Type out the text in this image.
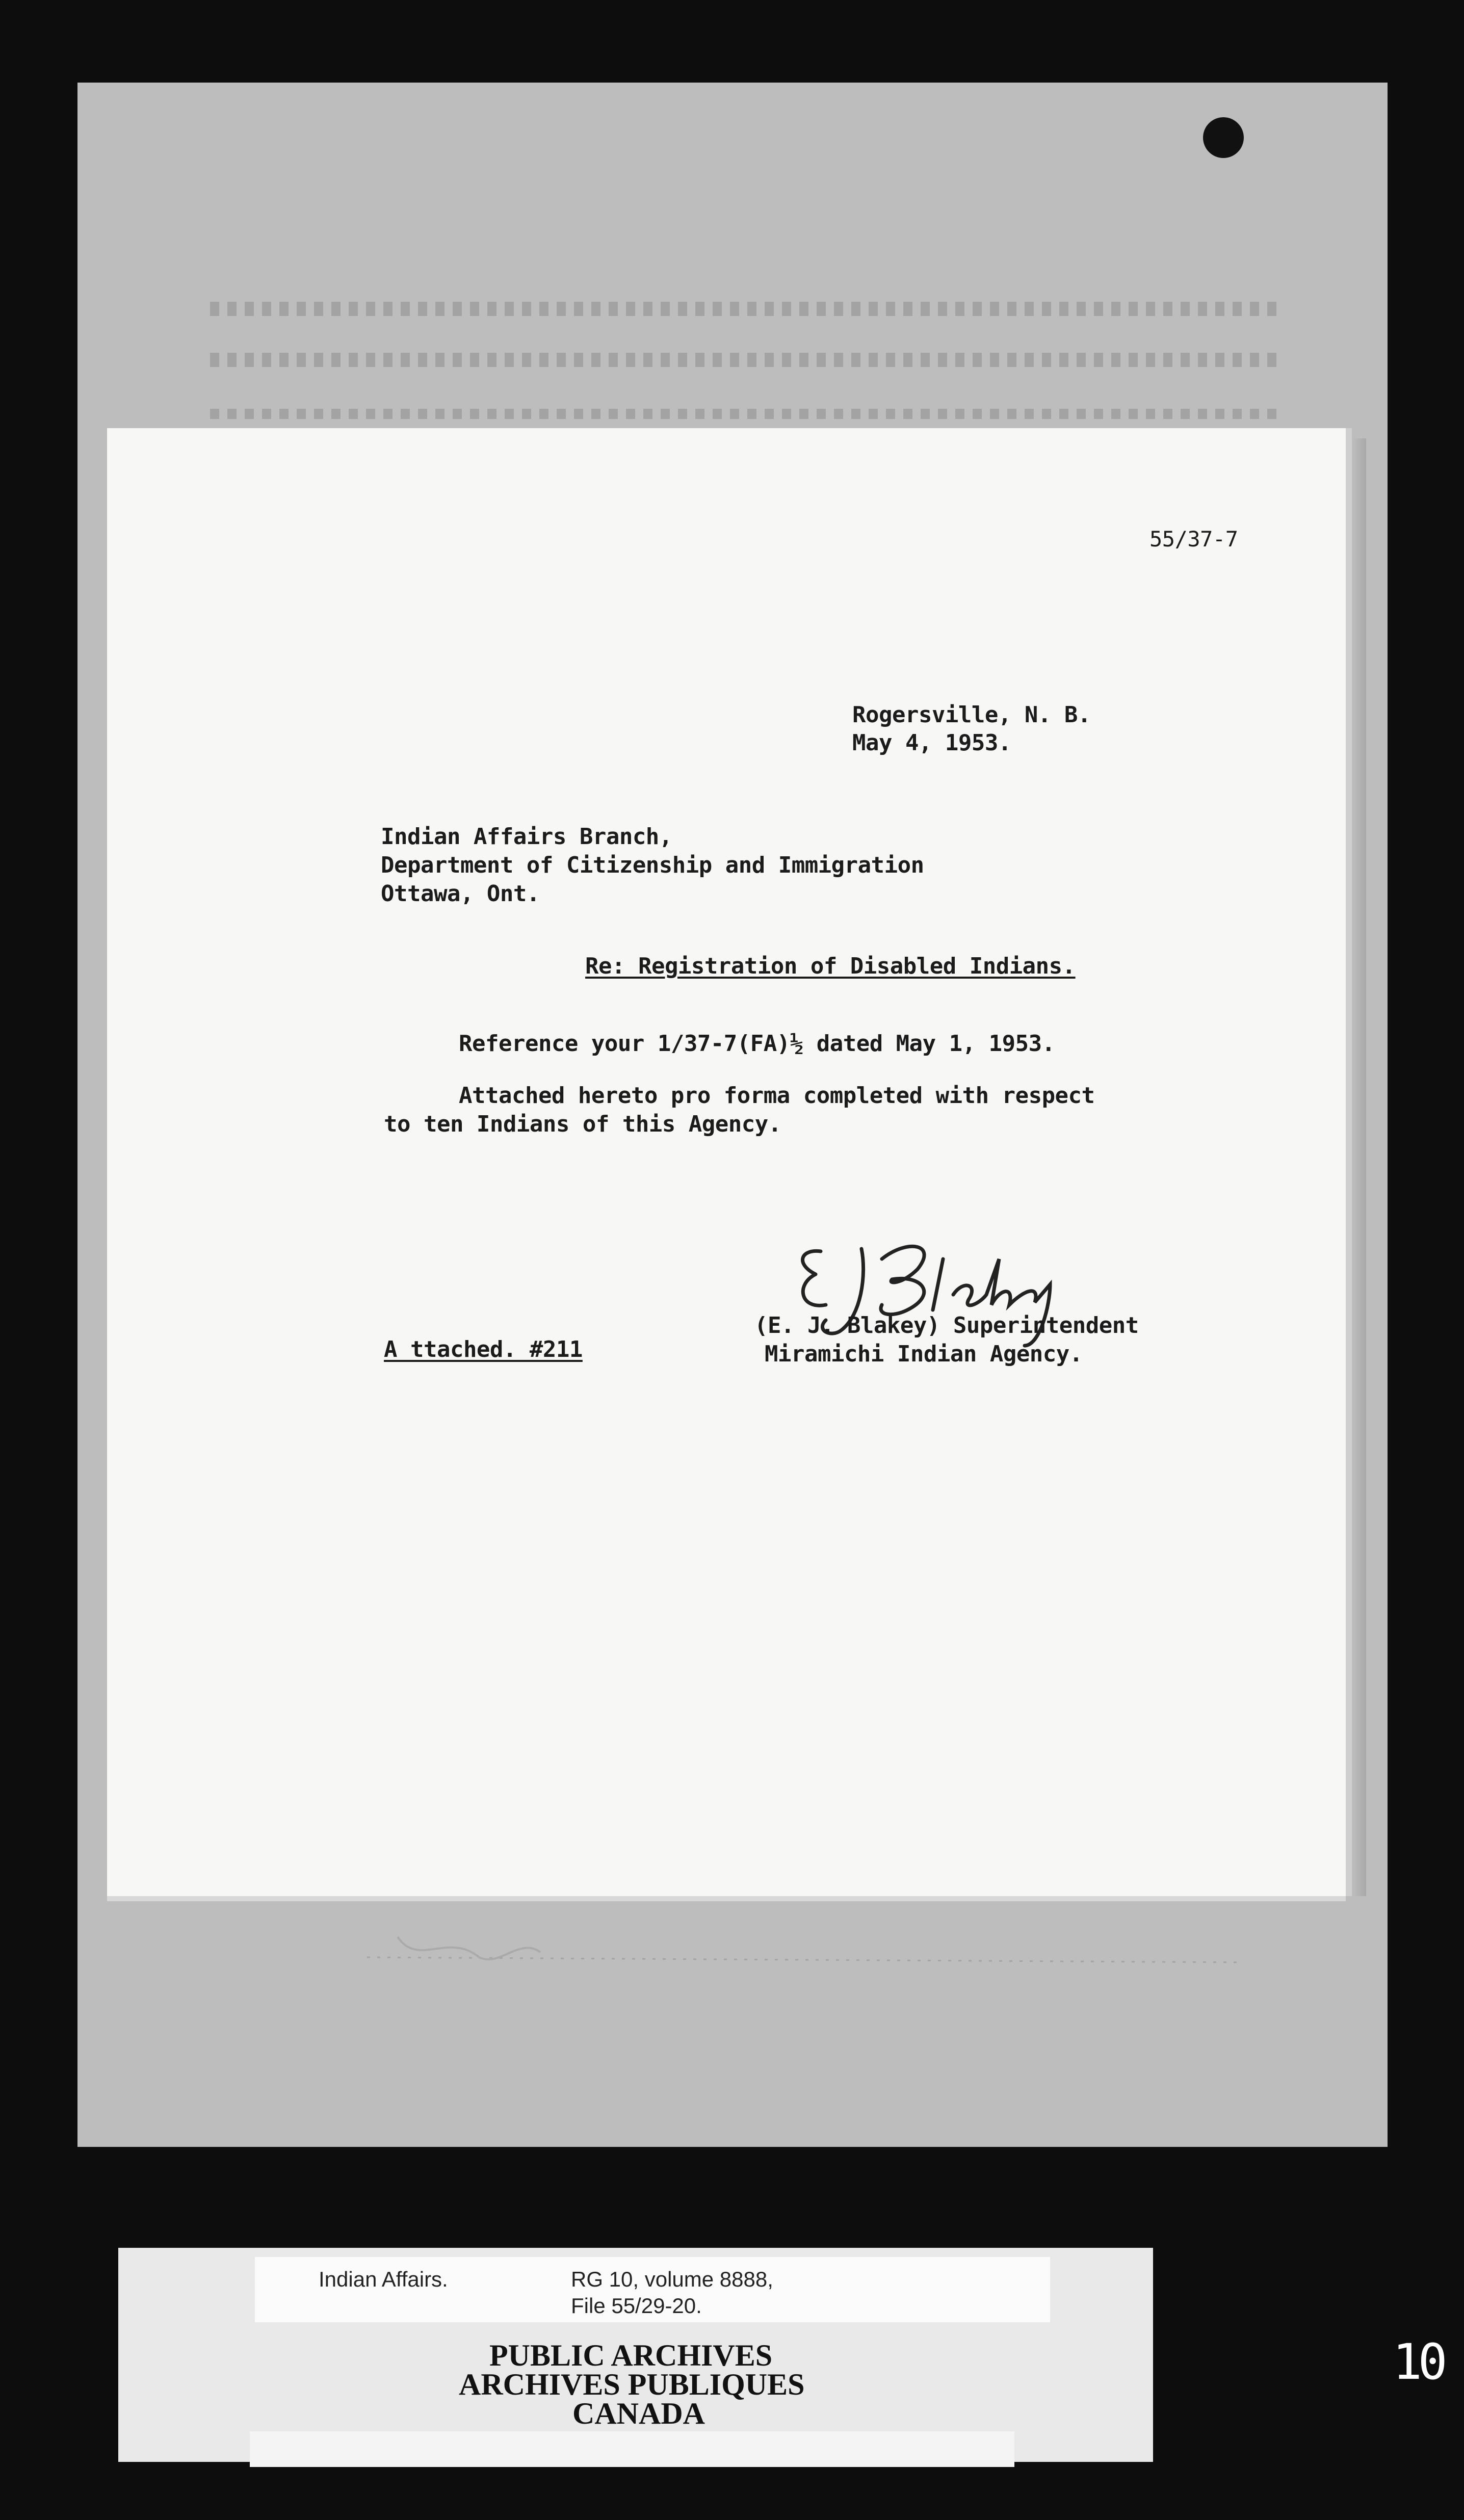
55/37-7
Rogersville, N. B.
May 4, 1953.
Indian Affairs Branch,
Department of Citizenship and Immigration
Ottawa, Ont.
Re: Registration of Disabled Indians.
Reference your 1/37-7(FA)½ dated May 1, 1953.
Attached hereto pro forma completed with respect
to ten Indians of this Agency.
A ttached. #211
(E. J. Blakey) Superintendent
Miramichi Indian Agency.
Indian Affairs.	RG 10, volume 8888,
File 55/29-20.
PUBLIC ARCHIVES
ARCHIVES PUBLIQUES
CANADA
10
